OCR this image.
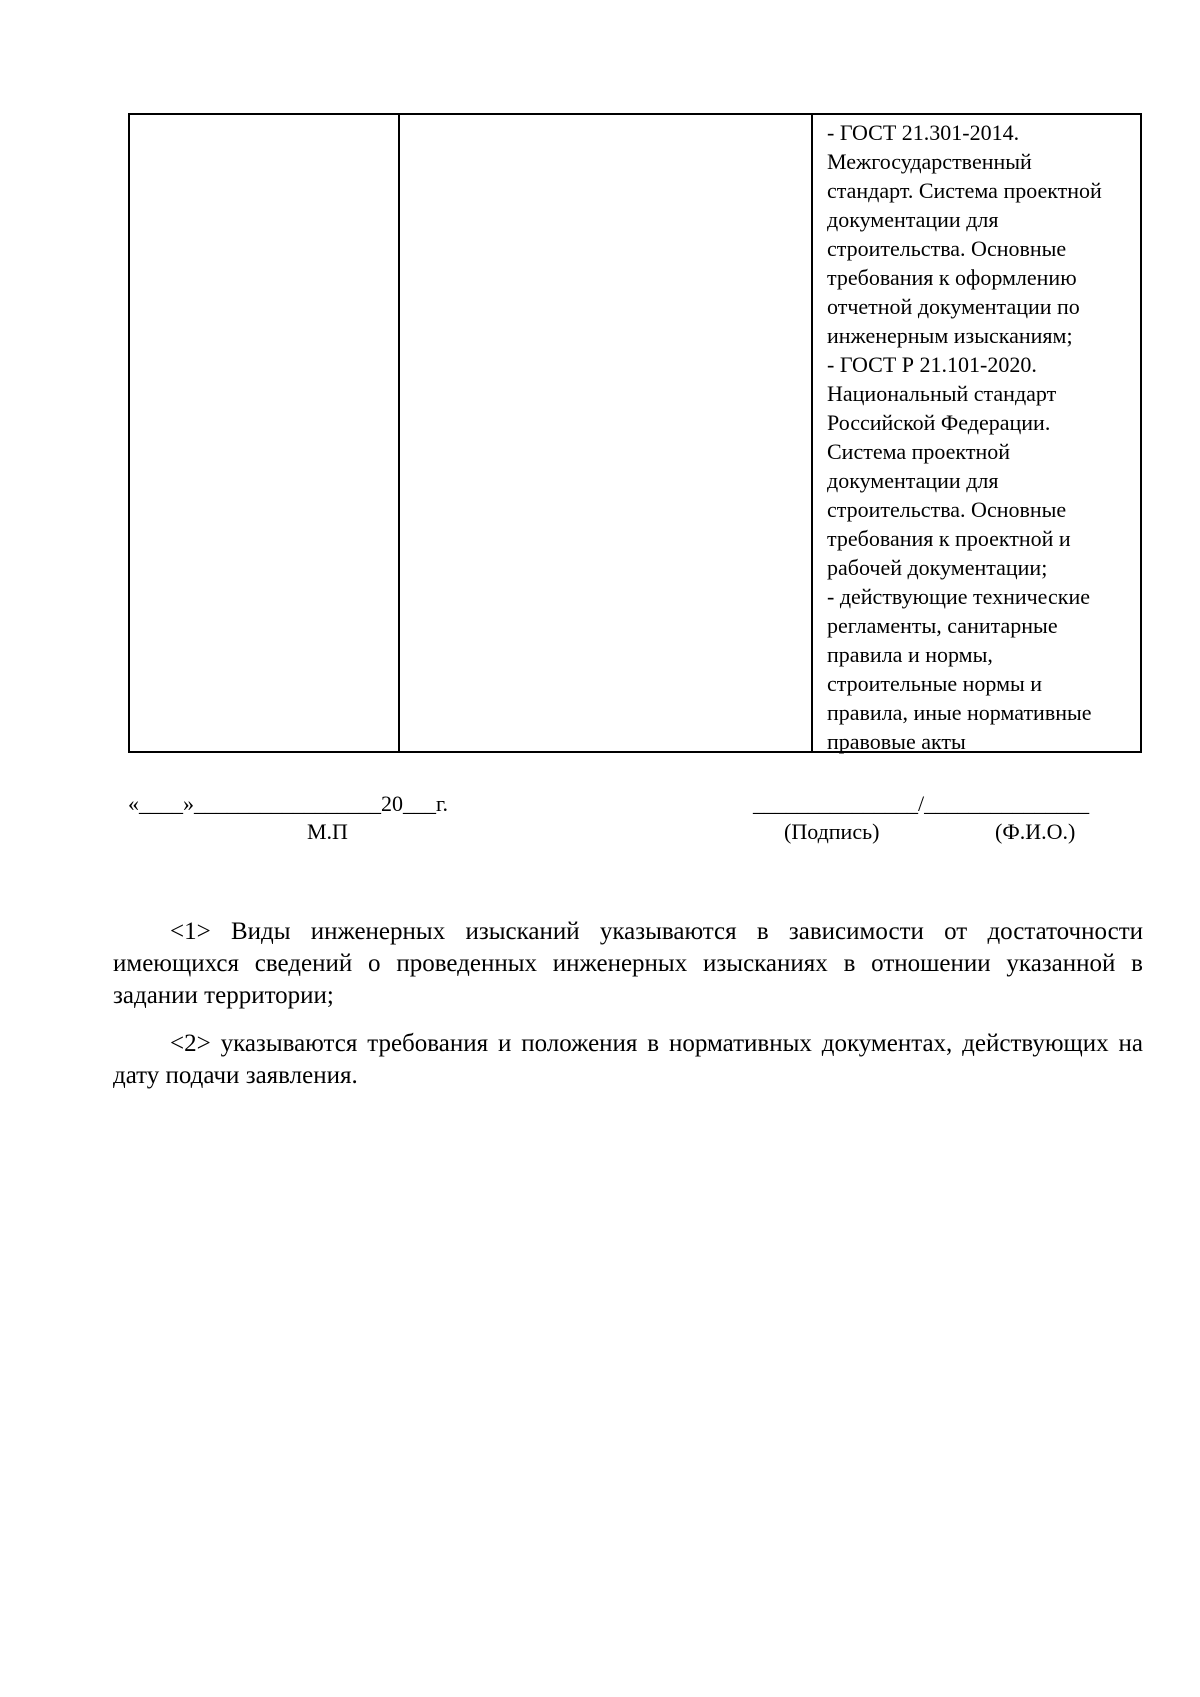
- ГОСТ 21.301-2014.
Межгосударственный
стандарт. Система проектной
документации для
строительства. Основные
требования к оформлению
отчетной документации по
инженерным изысканиям;
- ГОСТ Р 21.101-2020.
Национальный стандарт
Российской Федерации.
Система проектной
документации для
строительства. Основные
требования к проектной и
рабочей документации;
- действующие технические
регламенты, санитарные
правила и нормы,
строительные нормы и
правила, иные нормативные
правовые акты
«____»_________________20___г.
М.П
_______________/_______________
(Подпись)	(Ф.И.О.)
<1> Виды инженерных изысканий указываются в зависимости от достаточности имеющихся сведений о проведенных инженерных изысканиях в отношении указанной в задании территории;
<2> указываются требования и положения в нормативных документах, действующих на дату подачи заявления.
